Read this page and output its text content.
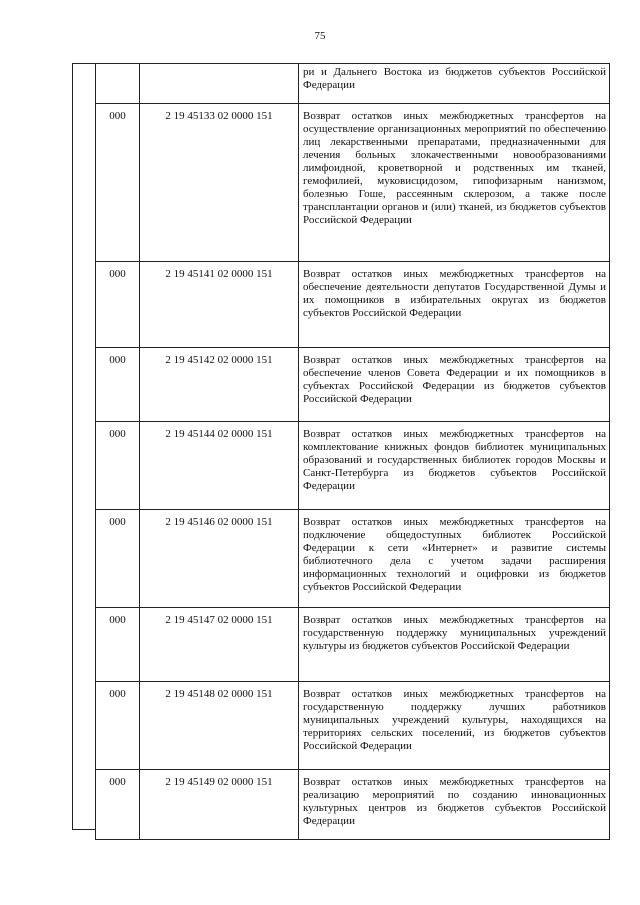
75
		ри и Дальнего Востока из бюджетов субъектов Российской Федерации
000	2 19 45133 02 0000 151	Возврат остатков иных межбюджетных трансфертов на осуществление организационных мероприятий по обеспечению лиц лекарственными препаратами, предназначенными для лечения больных злокачественными новообразованиями лимфоидной, кроветворной и родственных им тканей, гемофилией, муковисцидозом, гипофизарным нанизмом, болезнью Гоше, рассеянным склерозом, а также после трансплантации органов и (или) тканей, из бюджетов субъектов Российской Федерации
000	2 19 45141 02 0000 151	Возврат остатков иных межбюджетных трансфертов на обеспечение деятельности депутатов Государственной Думы и их помощников в избирательных округах из бюджетов субъектов Российской Федерации
000	2 19 45142 02 0000 151	Возврат остатков иных межбюджетных трансфертов на обеспечение членов Совета Федерации и их помощников в субъектах Российской Федерации из бюджетов субъектов Российской Федерации
000	2 19 45144 02 0000 151	Возврат остатков иных межбюджетных трансфертов на комплектование книжных фондов библиотек муниципальных образований и государственных библиотек городов Москвы и Санкт-Петербурга из бюджетов субъектов Российской Федерации
000	2 19 45146 02 0000 151	Возврат остатков иных межбюджетных трансфертов на подключение общедоступных библиотек Российской Федерации к сети «Интернет» и развитие системы библиотечного дела с учетом задачи расширения информационных технологий и оцифровки из бюджетов субъектов Российской Федерации
000	2 19 45147 02 0000 151	Возврат остатков иных межбюджетных трансфертов на государственную поддержку муниципальных учреждений культуры из бюджетов субъектов Российской Федерации
000	2 19 45148 02 0000 151	Возврат остатков иных межбюджетных трансфертов на государственную поддержку лучших работников муниципальных учреждений культуры, находящихся на территориях сельских поселений, из бюджетов субъектов Российской Федерации
000	2 19 45149 02 0000 151	Возврат остатков иных межбюджетных трансфертов на реализацию мероприятий по созданию инновационных культурных центров из бюджетов субъектов Российской Федерации
